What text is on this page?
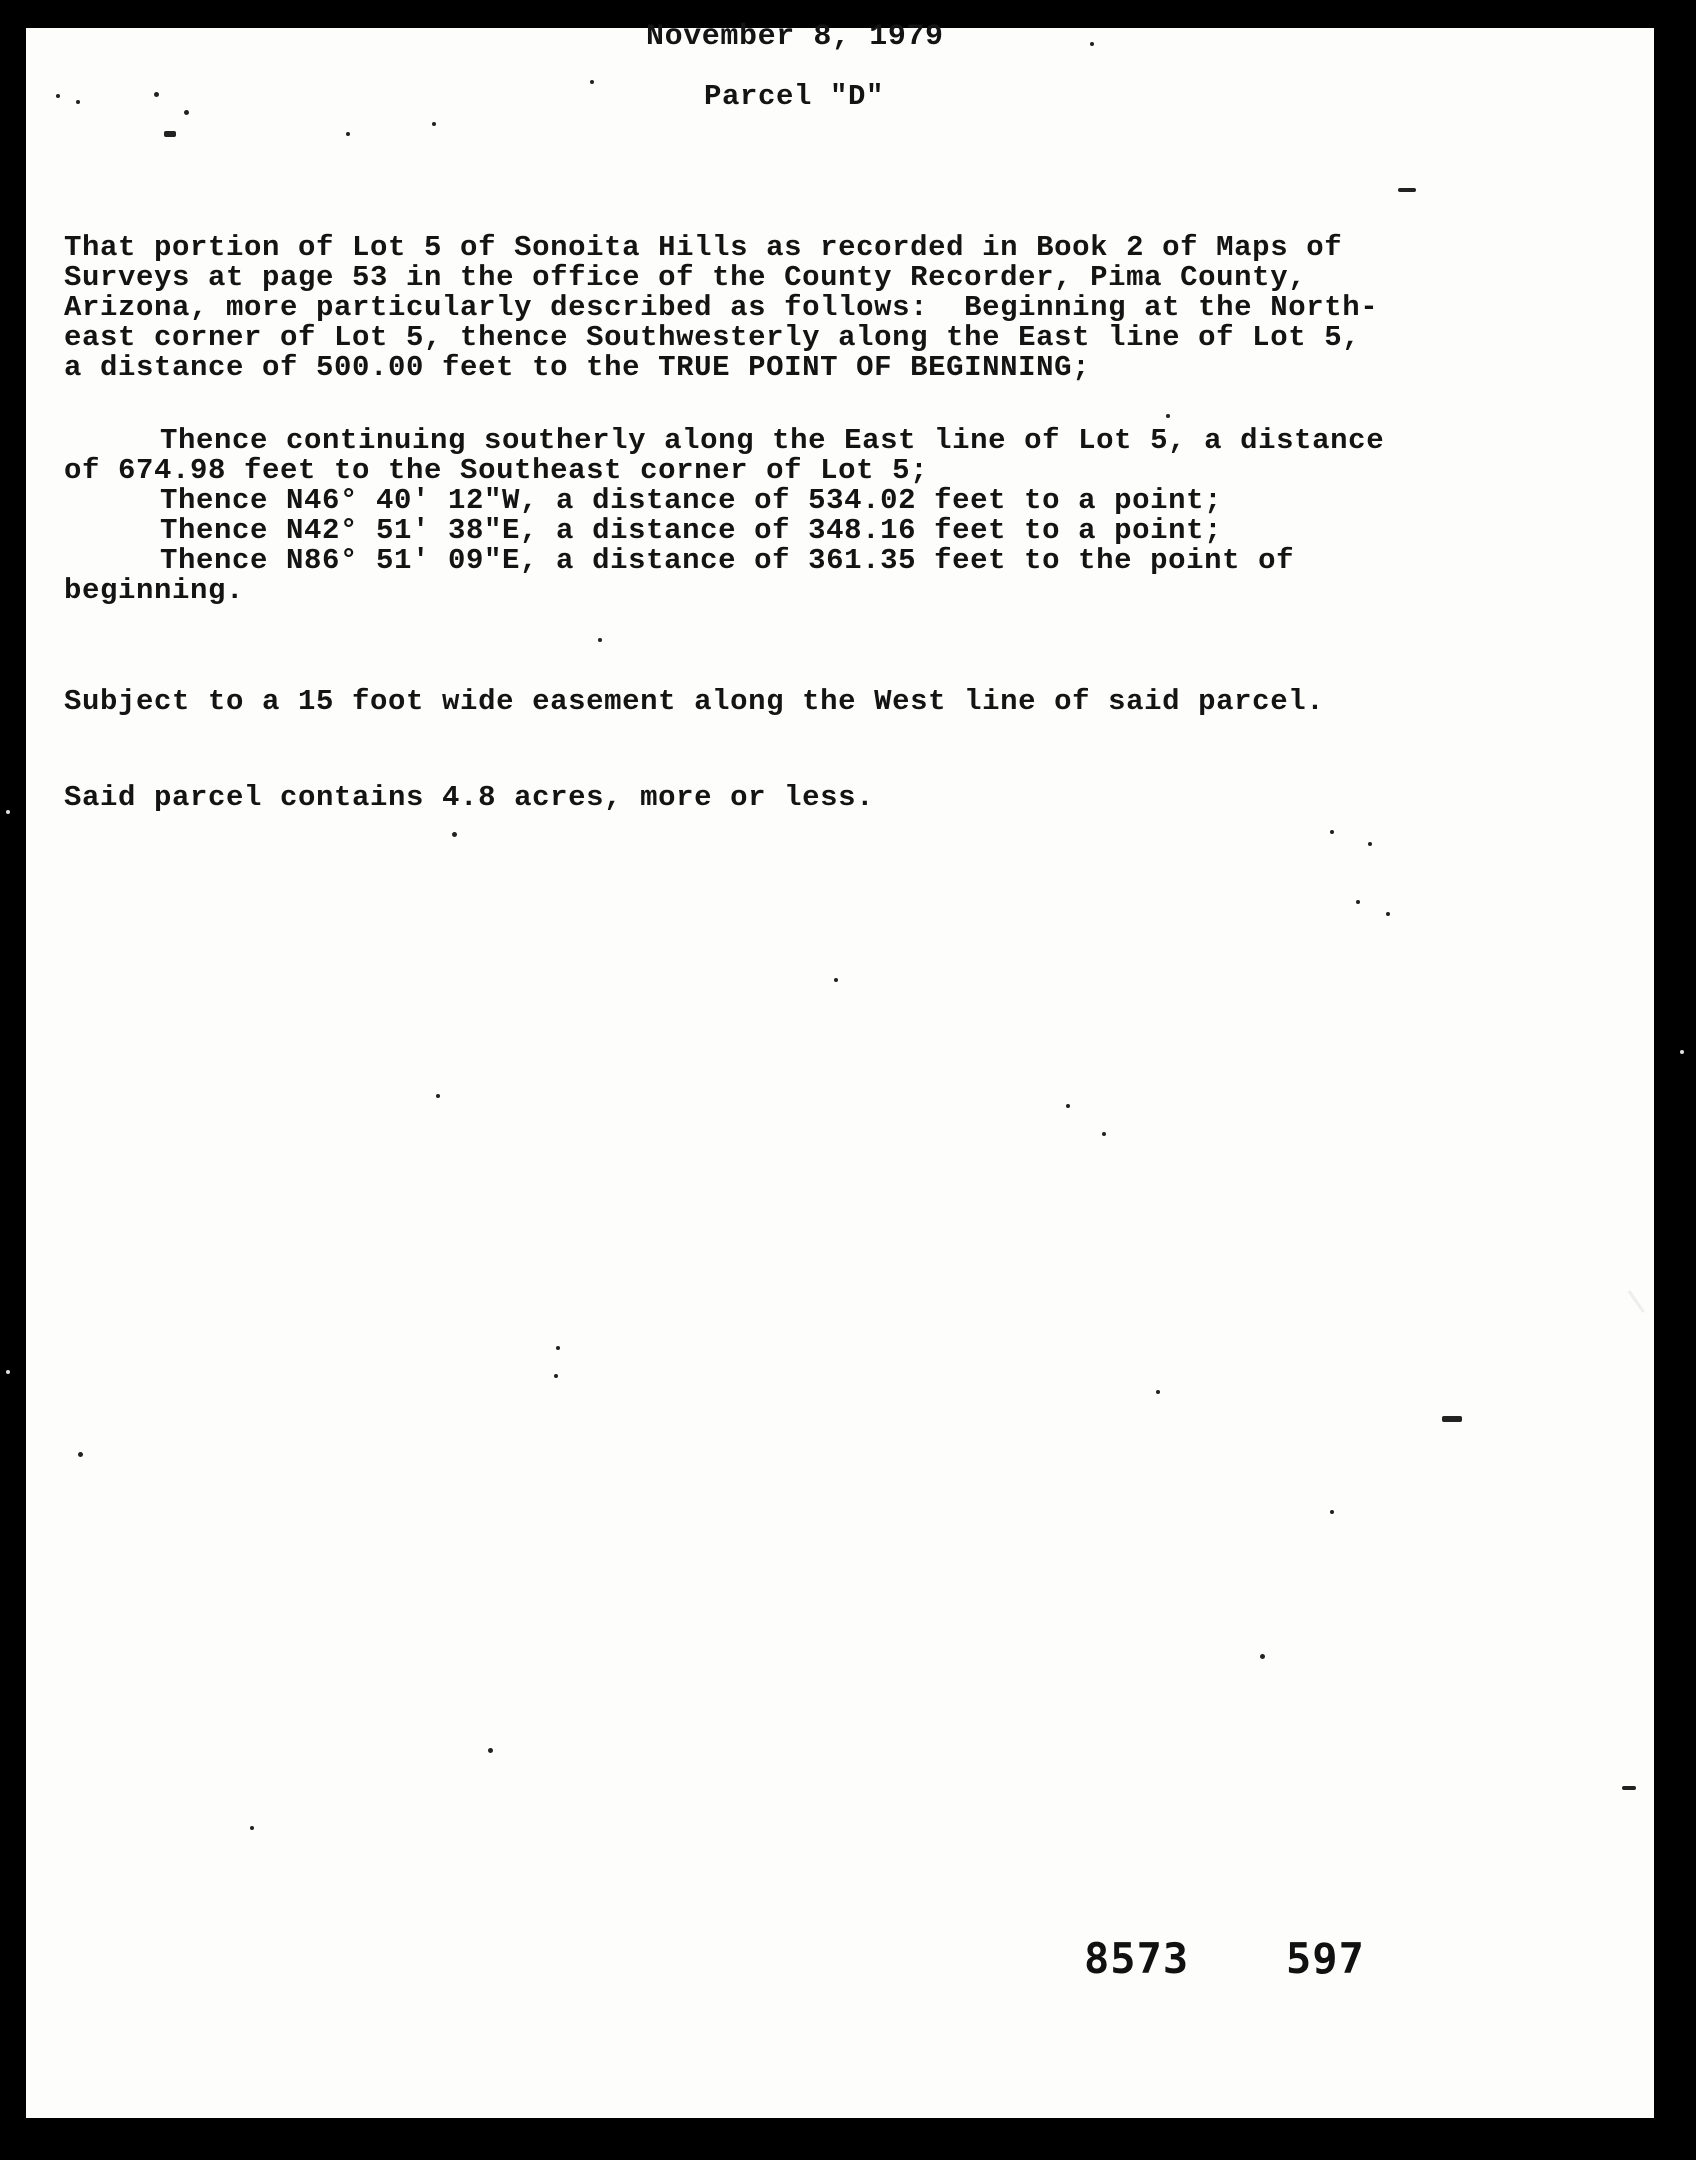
November 8, 1979
Parcel "D"
That portion of Lot 5 of Sonoita Hills as recorded in Book 2 of Maps of
Surveys at page 53 in the office of the County Recorder, Pima County,
Arizona, more particularly described as follows:  Beginning at the North-
east corner of Lot 5, thence Southwesterly along the East line of Lot 5,
a distance of 500.00 feet to the TRUE POINT OF BEGINNING;
Thence continuing southerly along the East line of Lot 5, a distance
of 674.98 feet to the Southeast corner of Lot 5;
Thence N46° 40' 12"W, a distance of 534.02 feet to a point;
Thence N42° 51' 38"E, a distance of 348.16 feet to a point;
Thence N86° 51' 09"E, a distance of 361.35 feet to the point of
beginning.
Subject to a 15 foot wide easement along the West line of said parcel.
Said parcel contains 4.8 acres, more or less.
8573 597
